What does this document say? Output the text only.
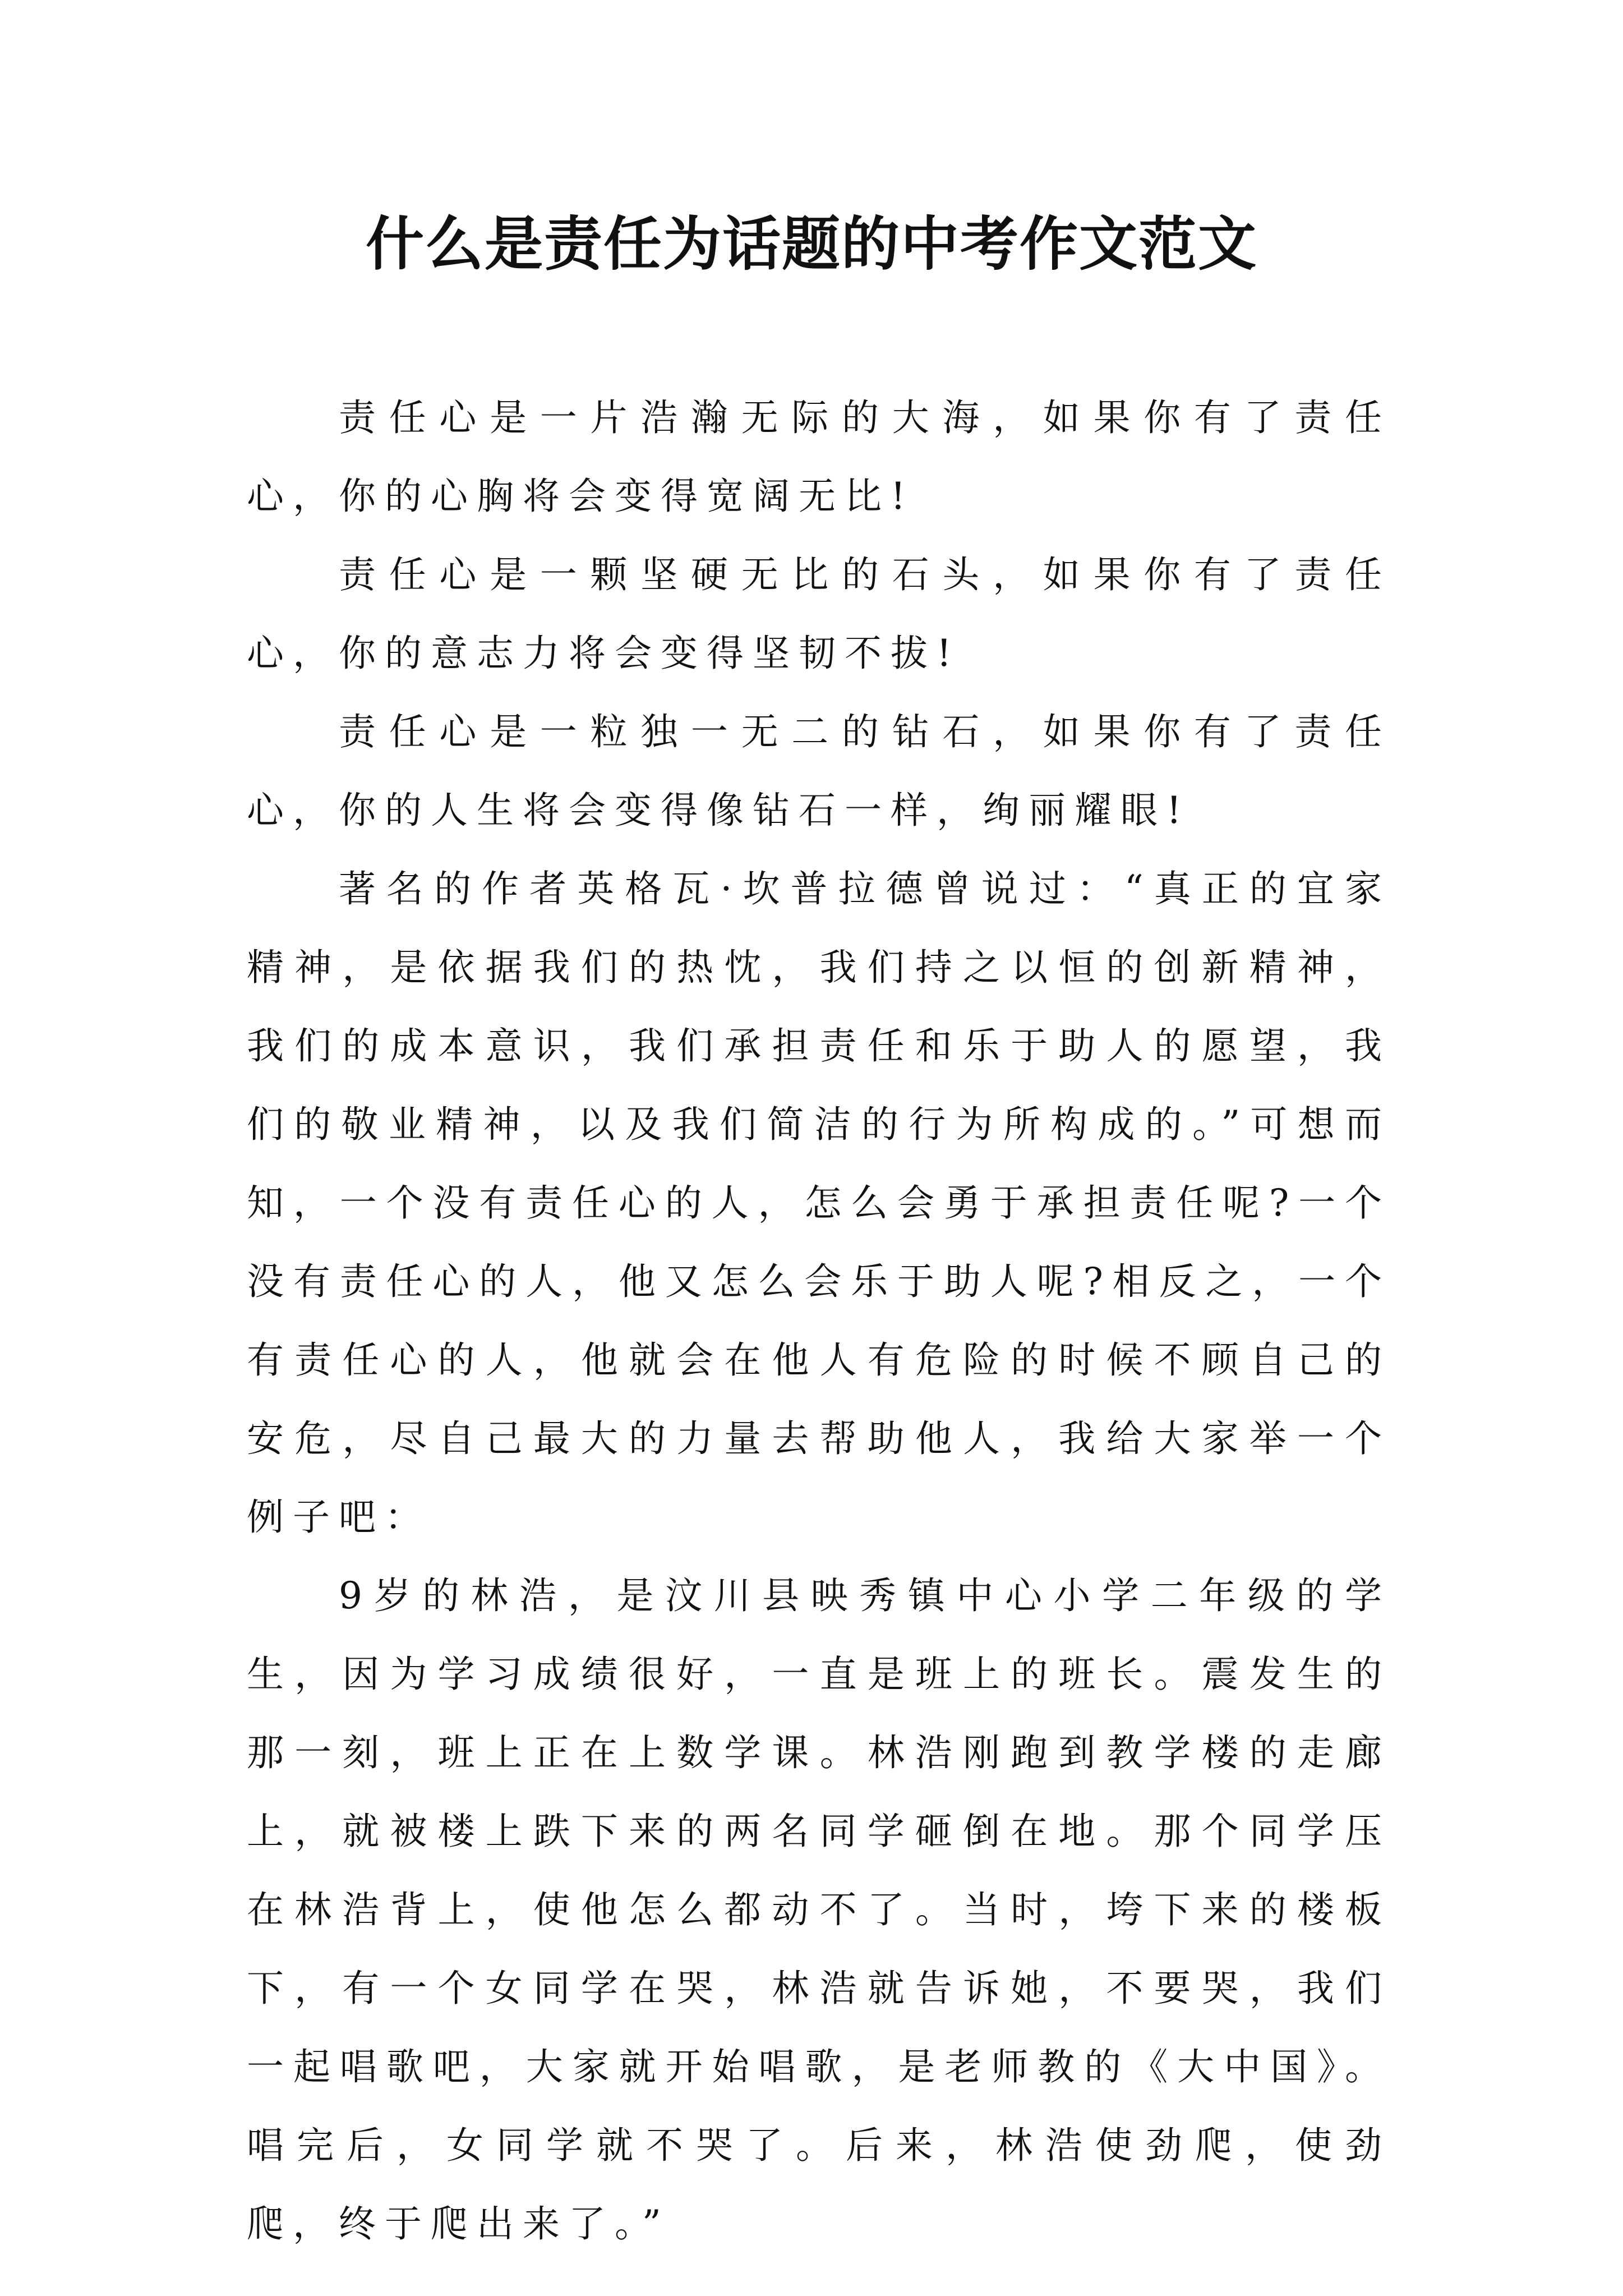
什么是责任为话题的中考作文范文

责任心是一片浩瀚无际的大海，如果你有了责任心，你的心胸将会变得宽阔无比!

责任心是一颗坚硬无比的石头，如果你有了责任心，你的意志力将会变得坚韧不拔!

责任心是一粒独一无二的钻石，如果你有了责任心，你的人生将会变得像钻石一样，绚丽耀眼!

著名的作者英格瓦·坎普拉德曾说过：“真正的宜家精神，是依据我们的热忱，我们持之以恒的创新精神，我们的成本意识，我们承担责任和乐于助人的愿望，我们的敬业精神，以及我们简洁的行为所构成的。”可想而知，一个没有责任心的人，怎么会勇于承担责任呢?一个没有责任心的人，他又怎么会乐于助人呢?相反之，一个有责任心的人，他就会在他人有危险的时候不顾自己的安危，尽自己最大的力量去帮助他人，我给大家举一个例子吧：

9岁的林浩，是汶川县映秀镇中心小学二年级的学生，因为学习成绩很好，一直是班上的班长。震发生的那一刻，班上正在上数学课。林浩刚跑到教学楼的走廊上，就被楼上跌下来的两名同学砸倒在地。那个同学压在林浩背上，使他怎么都动不了。当时，垮下来的楼板下，有一个女同学在哭，林浩就告诉她，不要哭，我们一起唱歌吧，大家就开始唱歌，是老师教的《大中国》。唱完后，女同学就不哭了。后来，林浩使劲爬，使劲爬，终于爬出来了。”
